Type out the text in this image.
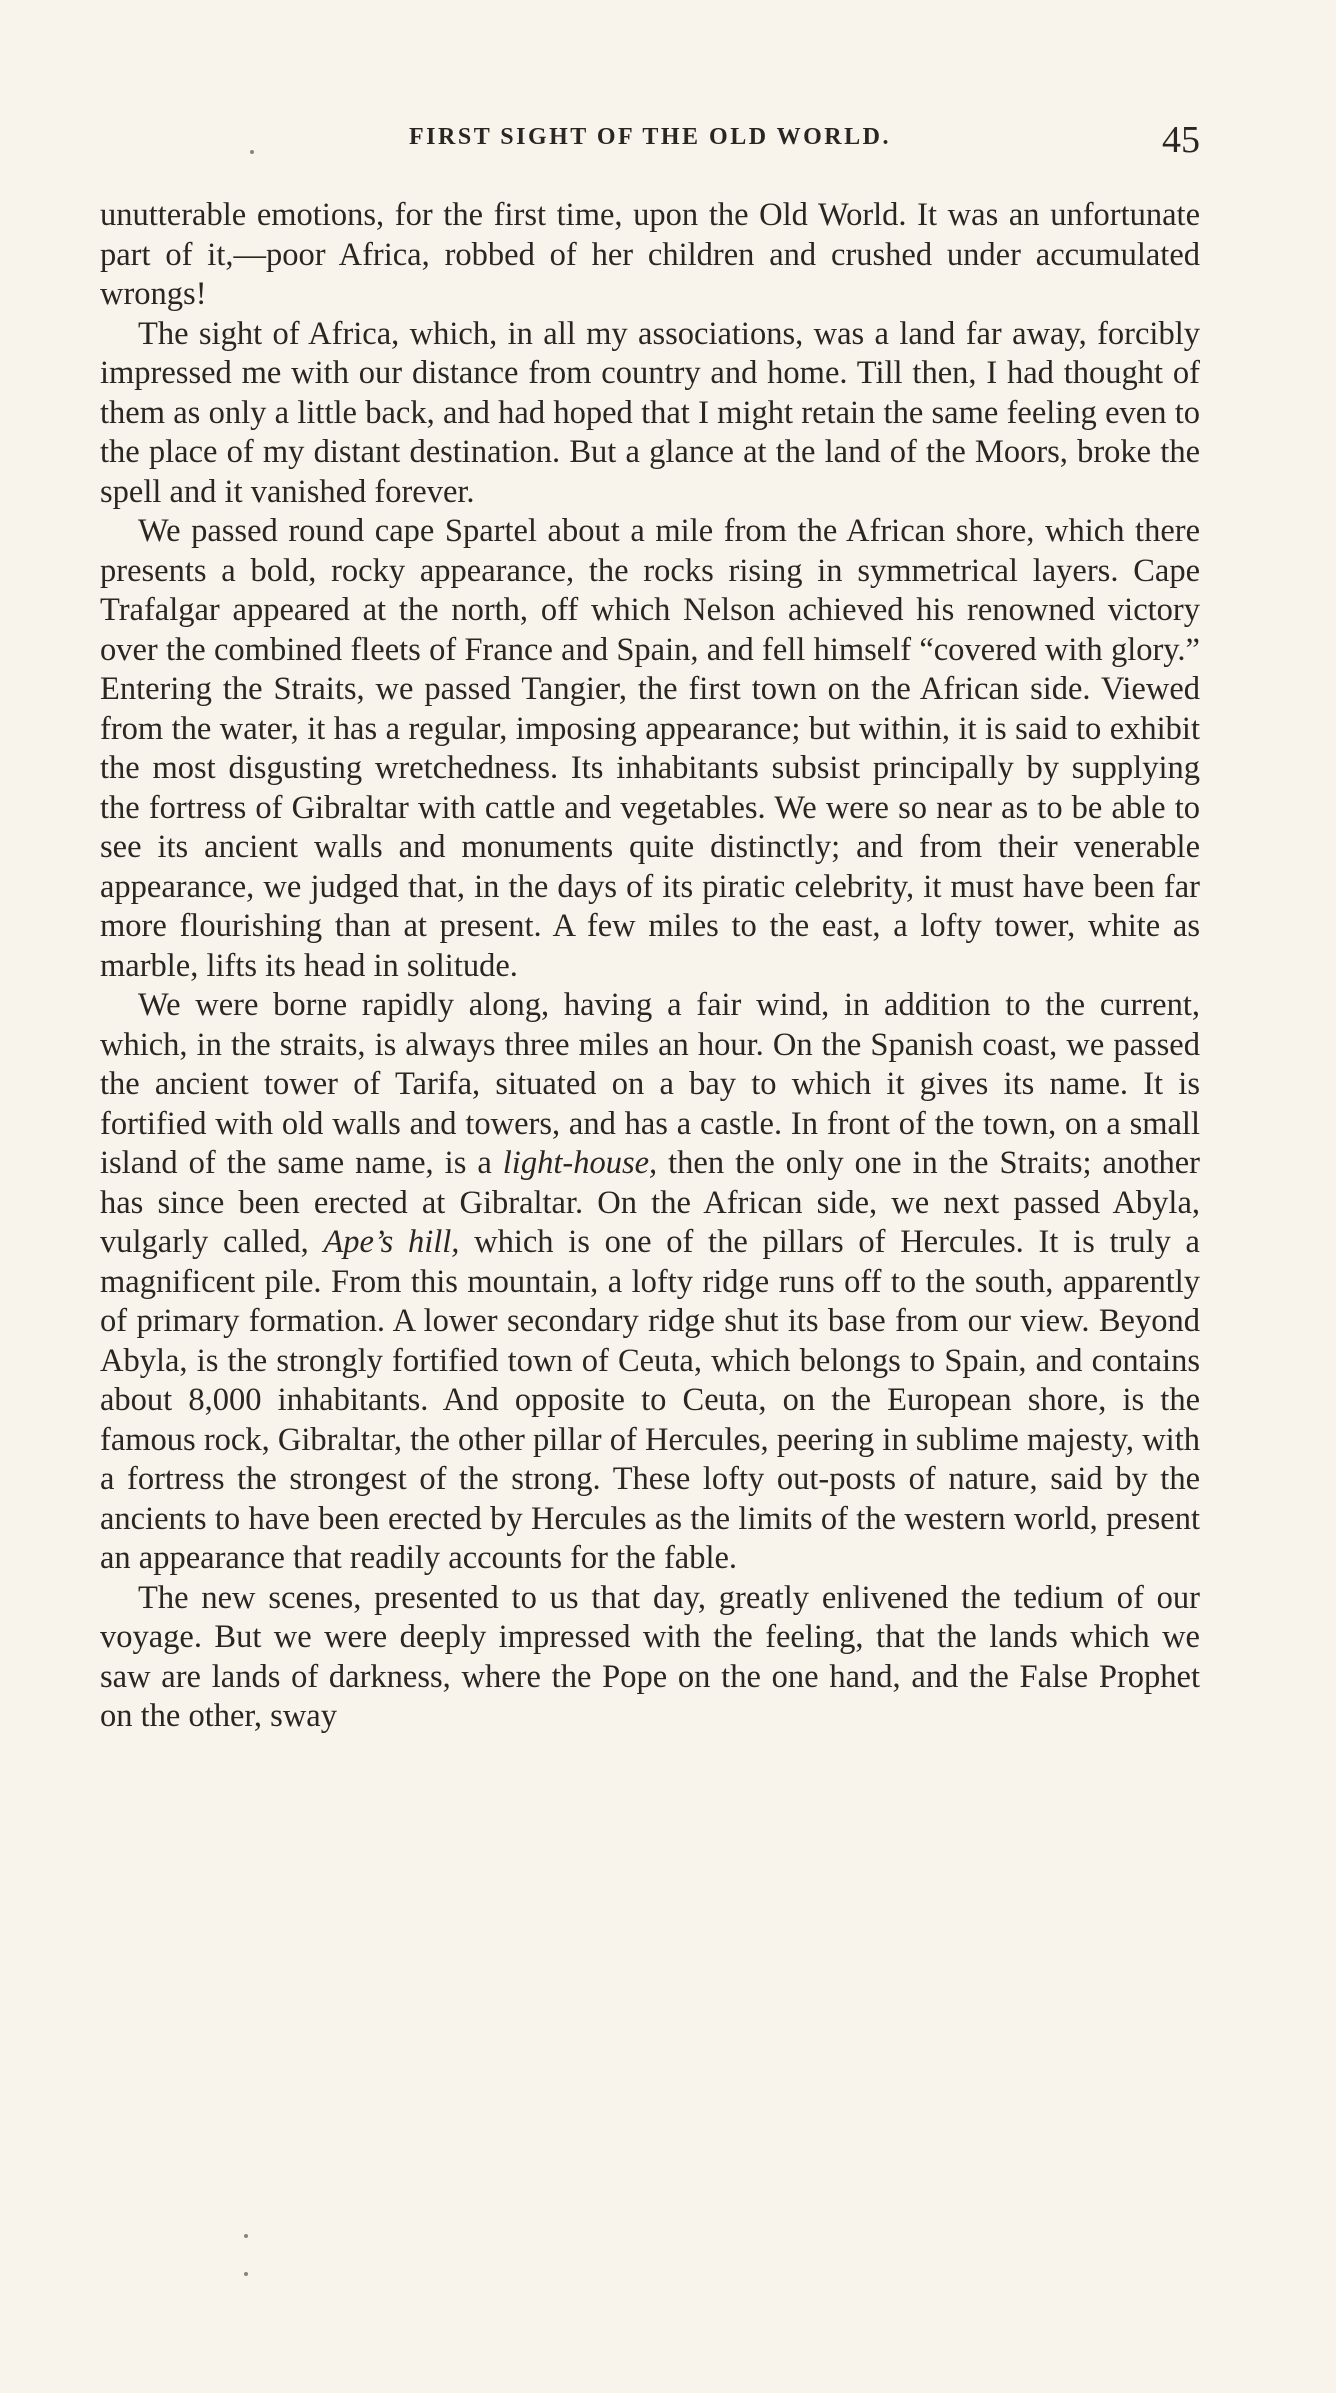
FIRST SIGHT OF THE OLD WORLD.	45

unutterable emotions, for the first time, upon the Old World. It was an unfortunate part of it,—poor Africa, robbed of her children and crushed under accumulated wrongs!

The sight of Africa, which, in all my associations, was a land far away, forcibly impressed me with our distance from country and home. Till then, I had thought of them as only a little back, and had hoped that I might retain the same feeling even to the place of my distant destination. But a glance at the land of the Moors, broke the spell and it vanished forever.

We passed round cape Spartel about a mile from the African shore, which there presents a bold, rocky appearance, the rocks rising in symmetrical layers. Cape Trafalgar appeared at the north, off which Nelson achieved his renowned victory over the combined fleets of France and Spain, and fell himself “covered with glory.” Entering the Straits, we passed Tangier, the first town on the African side. Viewed from the water, it has a regular, imposing appearance; but within, it is said to exhibit the most disgusting wretchedness. Its inhabitants subsist principally by supplying the fortress of Gibraltar with cattle and vegetables. We were so near as to be able to see its ancient walls and monuments quite distinctly; and from their venerable appearance, we judged that, in the days of its piratic celebrity, it must have been far more flourishing than at present. A few miles to the east, a lofty tower, white as marble, lifts its head in solitude.

We were borne rapidly along, having a fair wind, in addition to the current, which, in the straits, is always three miles an hour. On the Spanish coast, we passed the ancient tower of Tarifa, situated on a bay to which it gives its name. It is fortified with old walls and towers, and has a castle. In front of the town, on a small island of the same name, is a light-house, then the only one in the Straits; another has since been erected at Gibraltar. On the African side, we next passed Abyla, vulgarly called, Ape’s hill, which is one of the pillars of Hercules. It is truly a magnificent pile. From this mountain, a lofty ridge runs off to the south, apparently of primary formation. A lower secondary ridge shut its base from our view. Beyond Abyla, is the strongly fortified town of Ceuta, which belongs to Spain, and contains about 8,000 inhabitants. And opposite to Ceuta, on the European shore, is the famous rock, Gibraltar, the other pillar of Hercules, peering in sublime majesty, with a fortress the strongest of the strong. These lofty out-posts of nature, said by the ancients to have been erected by Hercules as the limits of the western world, present an appearance that readily accounts for the fable.

The new scenes, presented to us that day, greatly enlivened the tedium of our voyage. But we were deeply impressed with the feeling, that the lands which we saw are lands of darkness, where the Pope on the one hand, and the False Prophet on the other, sway
